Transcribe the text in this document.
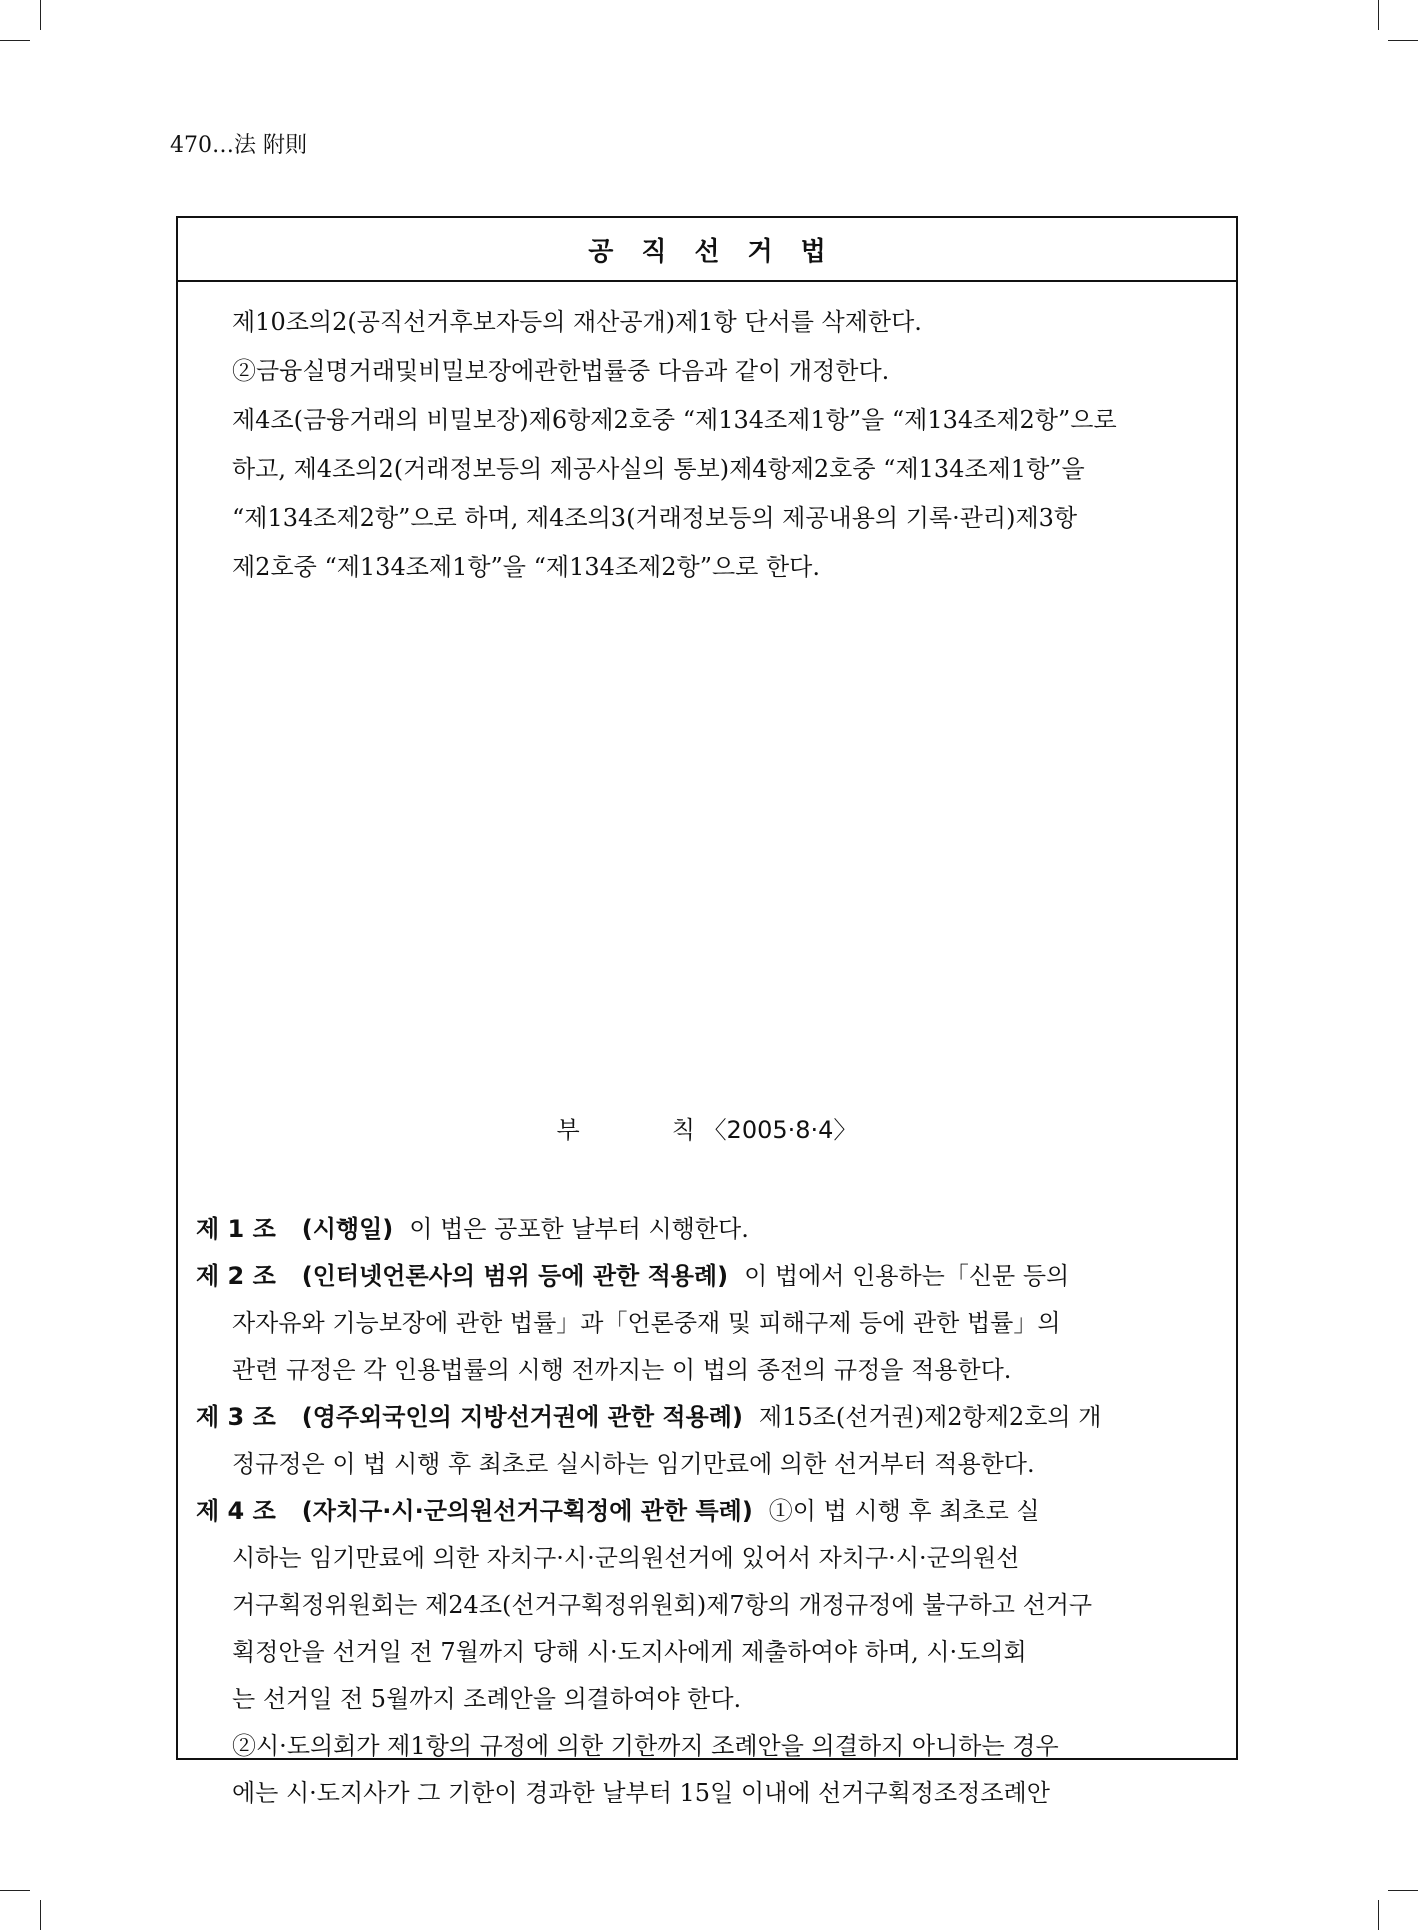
470…法 附則
공직선거법
제10조의2(공직선거후보자등의 재산공개)제1항 단서를 삭제한다.
②금융실명거래및비밀보장에관한법률중 다음과 같이 개정한다.
제4조(금융거래의 비밀보장)제6항제2호중 “제134조제1항”을 “제134조제2항”으로
하고, 제4조의2(거래정보등의 제공사실의 통보)제4항제2호중 “제134조제1항”을
“제134조제2항”으로 하며, 제4조의3(거래정보등의 제공내용의 기록·관리)제3항
제2호중 “제134조제1항”을 “제134조제2항”으로 한다.
부	칙 〈2005·8·4〉
제 1 조 (시행일) 이 법은 공포한 날부터 시행한다.
제 2 조 (인터넷언론사의 범위 등에 관한 적용례) 이 법에서 인용하는「신문 등의
자자유와 기능보장에 관한 법률」과「언론중재 및 피해구제 등에 관한 법률」의
관련 규정은 각 인용법률의 시행 전까지는 이 법의 종전의 규정을 적용한다.
제 3 조 (영주외국인의 지방선거권에 관한 적용례) 제15조(선거권)제2항제2호의 개
정규정은 이 법 시행 후 최초로 실시하는 임기만료에 의한 선거부터 적용한다.
제 4 조 (자치구·시·군의원선거구획정에 관한 특례) ①이 법 시행 후 최초로 실
시하는 임기만료에 의한 자치구·시·군의원선거에 있어서 자치구·시·군의원선
거구획정위원회는 제24조(선거구획정위원회)제7항의 개정규정에 불구하고 선거구
획정안을 선거일 전 7월까지 당해 시·도지사에게 제출하여야 하며, 시·도의회
는 선거일 전 5월까지 조례안을 의결하여야 한다.
②시·도의회가 제1항의 규정에 의한 기한까지 조례안을 의결하지 아니하는 경우
에는 시·도지사가 그 기한이 경과한 날부터 15일 이내에 선거구획정조정조례안
